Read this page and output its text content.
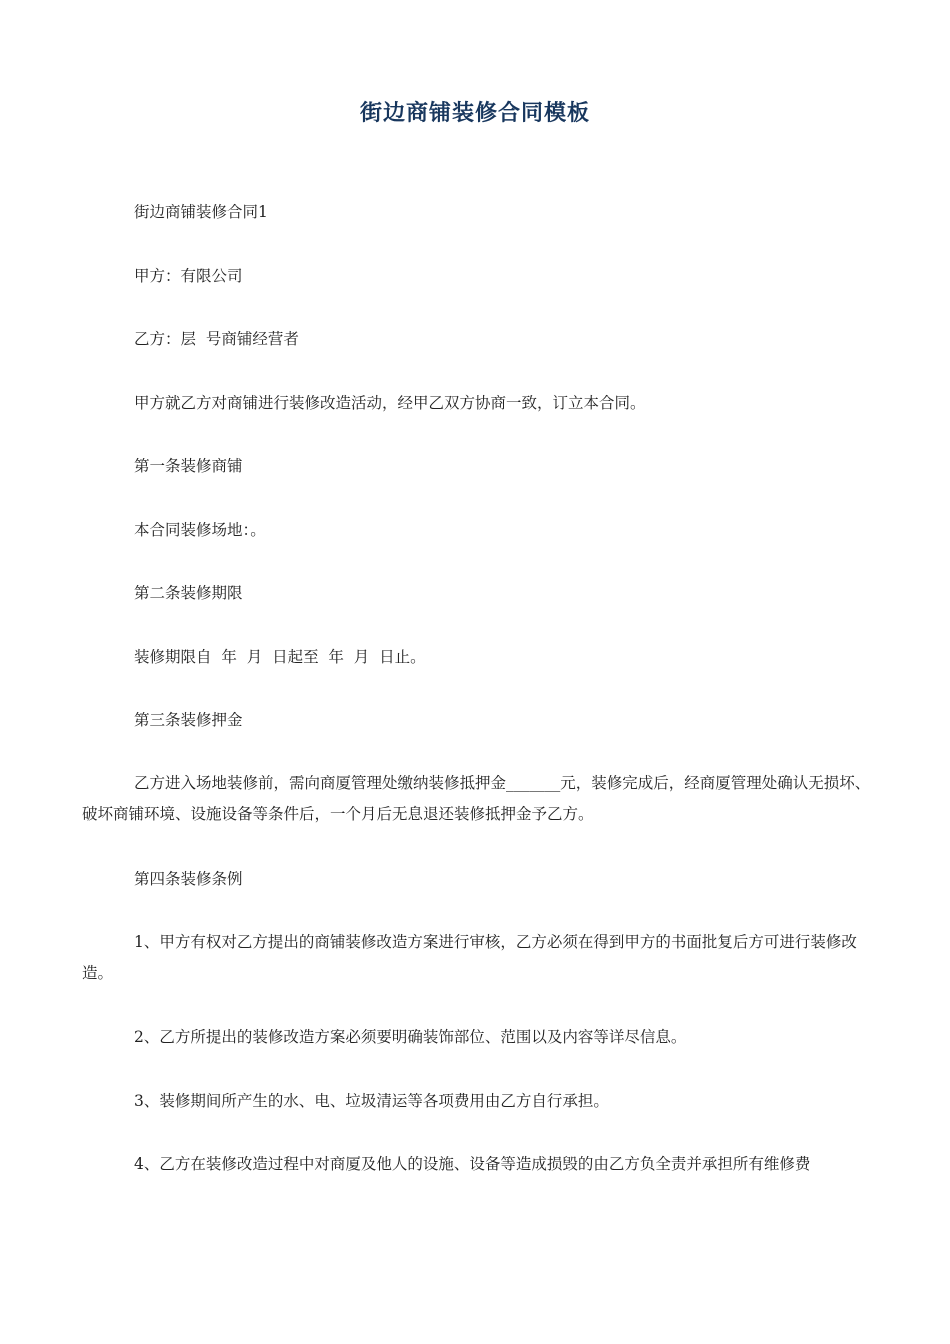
街边商铺装修合同模板

街边商铺装修合同1

甲方：有限公司

乙方：层  号商铺经营者

甲方就乙方对商铺进行装修改造活动，经甲乙双方协商一致，订立本合同。

第一条装修商铺

本合同装修场地：。

第二条装修期限

装修期限自  年  月  日起至  年  月  日止。

第三条装修押金

乙方进入场地装修前，需向商厦管理处缴纳装修抵押金_______元，装修完成后，经商厦管理处确认无损坏、破坏商铺环境、设施设备等条件后，一个月后无息退还装修抵押金予乙方。

第四条装修条例

1、甲方有权对乙方提出的商铺装修改造方案进行审核，乙方必须在得到甲方的书面批复后方可进行装修改造。

2、乙方所提出的装修改造方案必须要明确装饰部位、范围以及内容等详尽信息。

3、装修期间所产生的水、电、垃圾清运等各项费用由乙方自行承担。

4、乙方在装修改造过程中对商厦及他人的设施、设备等造成损毁的由乙方负全责并承担所有维修费
